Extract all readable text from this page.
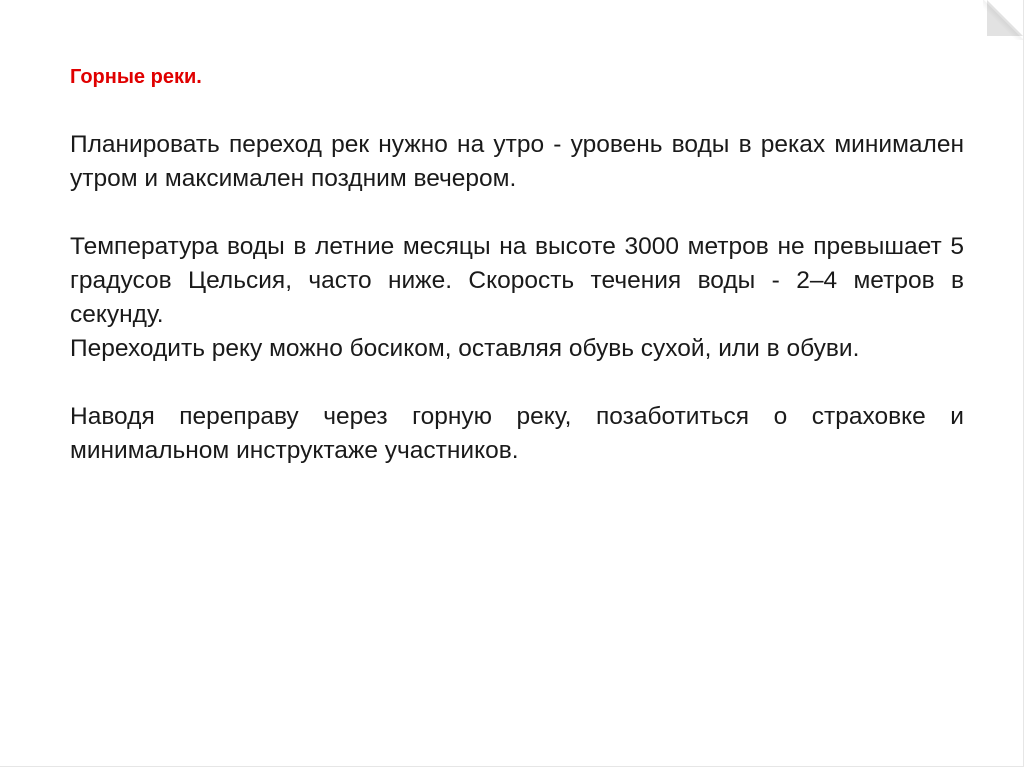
Горные реки.

Планировать переход рек нужно на утро - уровень воды в реках минимален утром и максимален поздним вечером.

Температура воды в летние месяцы на высоте 3000 метров не превышает 5 градусов Цельсия, часто ниже. Скорость течения воды - 2–4 метров в секунду.

Переходить реку можно босиком, оставляя обувь сухой, или в обуви.

Наводя переправу через горную реку, позаботиться о страховке и минимальном инструктаже участников.
